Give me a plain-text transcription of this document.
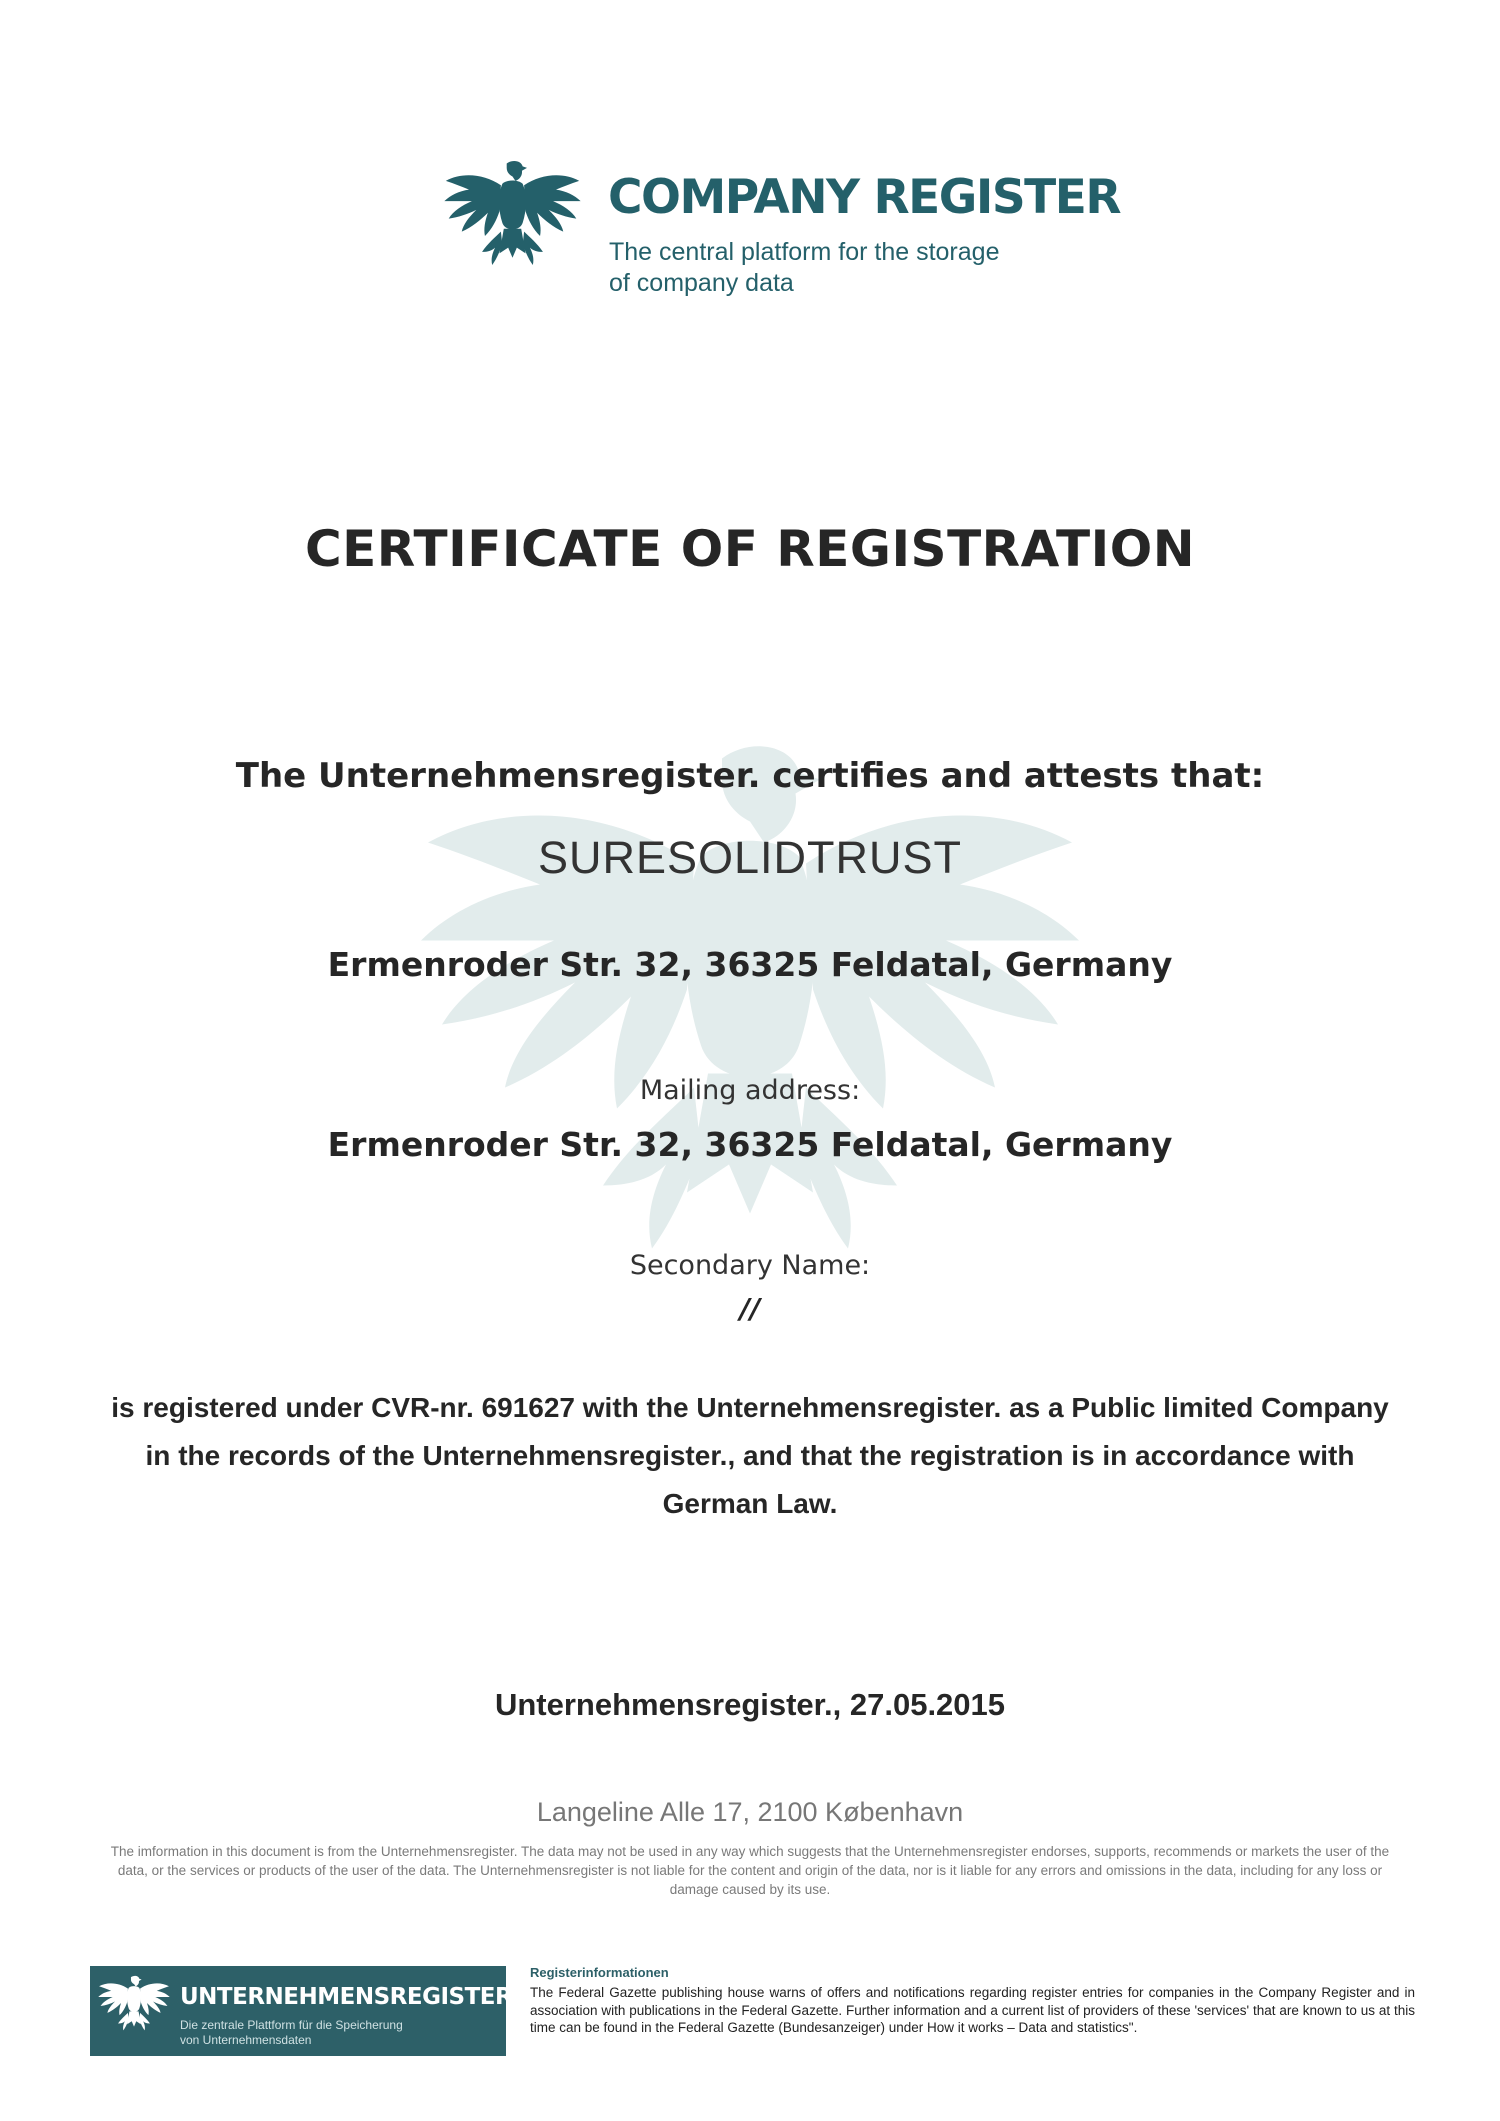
COMPANY REGISTER
The central platform for the storage
of company data
CERTIFICATE OF REGISTRATION
The Unternehmensregister. certifies and attests that:
SURESOLIDTRUST
Ermenroder Str. 32, 36325 Feldatal, Germany
Mailing address:
Ermenroder Str. 32, 36325 Feldatal, Germany
Secondary Name:
//
is registered under CVR-nr. 691627 with the Unternehmensregister. as a Public limited Company in the records of the Unternehmensregister., and that the registration is in accordance with German Law.
Unternehmensregister., 27.05.2015
Langeline Alle 17, 2100 København
The imformation in this document is from the Unternehmensregister. The data may not be used in any way which suggests that the Unternehmensregister endorses, supports, recommends or markets the user of the data, or the services or products of the user of the data. The Unternehmensregister is not liable for the content and origin of the data, nor is it liable for any errors and omissions in the data, including for any loss or damage caused by its use.
UNTERNEHMENSREGISTER
Die zentrale Plattform für die Speicherung
von Unternehmensdaten
Registerinformationen
The Federal Gazette publishing house warns of offers and notifications regarding register entries for companies in the Company Register and in association with publications in the Federal Gazette. Further information and a current list of providers of these 'services' that are known to us at this time can be found in the Federal Gazette (Bundesanzeiger) under How it works – Data and statistics".
